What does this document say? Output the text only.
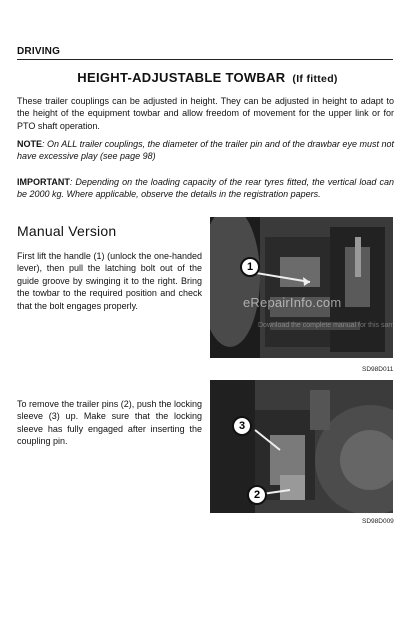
DRIVING
HEIGHT-ADJUSTABLE TOWBAR (If fitted)

These trailer couplings can be adjusted in height. They can be adjusted in height to adapt to the height of the equipment towbar and allow freedom of movement for the upper link or for PTO shaft operation.

NOTE: On ALL trailer couplings, the diameter of the trailer pin and of the drawbar eye must not have excessive play (see page 98)

IMPORTANT: Depending on the loading capacity of the rear tyres fitted, the vertical load can be 2000 kg. Where applicable, observe the details in the registration papers.

Manual Version

First lift the handle (1) (unlock the one-handed lever), then pull the latching bolt out of the guide groove by swinging it to the right. Bring the towbar to the required position and check that the bolt engages properly.

1
eRepairInfo.com
Download the complete manual for this sample
SD98D011

To remove the trailer pins (2), push the locking sleeve (3) up. Make sure that the locking sleeve has fully engaged after inserting the coupling pin.

3
2
SD98D009
